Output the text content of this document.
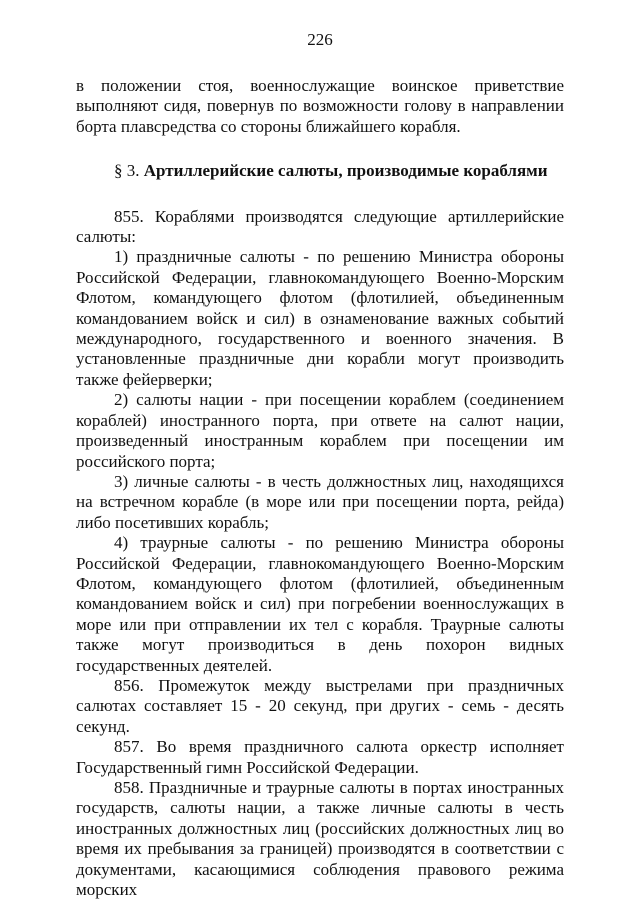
226

в положении стоя, военнослужащие воинское приветствие выполняют сидя, повернув по возможности голову в направлении борта плавсредства со стороны ближайшего корабля.

§ 3. Артиллерийские салюты, производимые кораблями

855. Кораблями производятся следующие артиллерийские салюты:

1) праздничные салюты - по решению Министра обороны Российской Федерации, главнокомандующего Военно-Морским Флотом, командующего флотом (флотилией, объединенным командованием войск и сил) в ознаменование важных событий международного, государственного и военного значения. В установленные праздничные дни корабли могут производить также фейерверки;

2) салюты нации - при посещении кораблем (соединением кораблей) иностранного порта, при ответе на салют нации, произведенный иностранным кораблем при посещении им российского порта;

3) личные салюты - в честь должностных лиц, находящихся на встречном корабле (в море или при посещении порта, рейда) либо посетивших корабль;

4) траурные салюты - по решению Министра обороны Российской Федерации, главнокомандующего Военно-Морским Флотом, командующего флотом (флотилией, объединенным командованием войск и сил) при погребении военнослужащих в море или при отправлении их тел с корабля. Траурные салюты также могут производиться в день похорон видных государственных деятелей.

856. Промежуток между выстрелами при праздничных салютах составляет 15 - 20 секунд, при других - семь - десять секунд.

857. Во время праздничного салюта оркестр исполняет Государственный гимн Российской Федерации.

858. Праздничные и траурные салюты в портах иностранных государств, салюты нации, а также личные салюты в честь иностранных должностных лиц (российских должностных лиц во время их пребывания за границей) производятся в соответствии с документами, касающимися соблюдения правового режима морских
